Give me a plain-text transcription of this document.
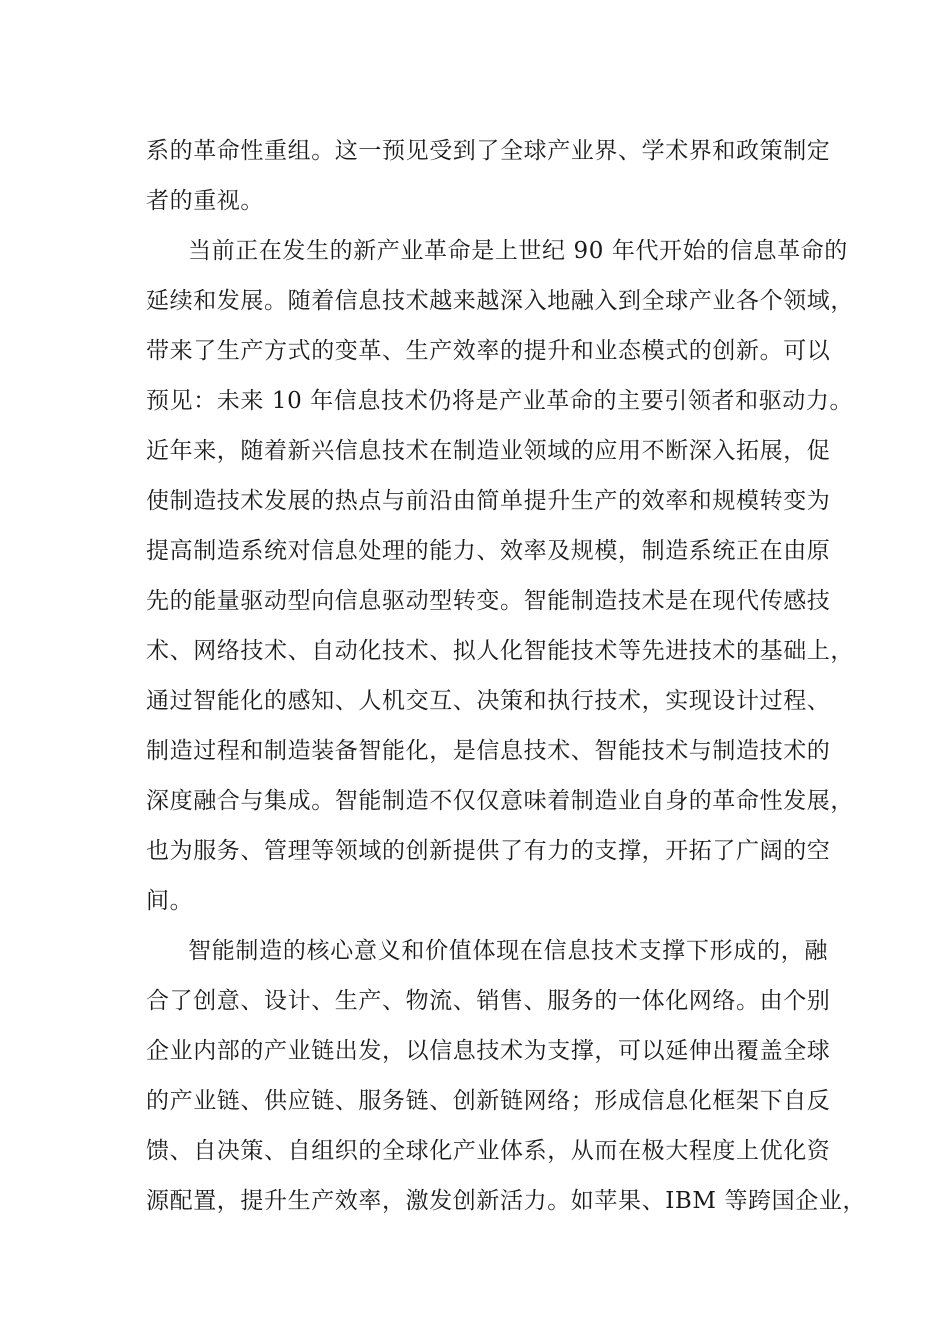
系的革命性重组。这一预见受到了全球产业界、学术界和政策制定
者的重视。
当前正在发生的新产业革命是上世纪 90 年代开始的信息革命的
延续和发展。随着信息技术越来越深入地融入到全球产业各个领域，
带来了生产方式的变革、生产效率的提升和业态模式的创新。可以
预见：未来 10 年信息技术仍将是产业革命的主要引领者和驱动力。
近年来，随着新兴信息技术在制造业领域的应用不断深入拓展，促
使制造技术发展的热点与前沿由简单提升生产的效率和规模转变为
提高制造系统对信息处理的能力、效率及规模，制造系统正在由原
先的能量驱动型向信息驱动型转变。智能制造技术是在现代传感技
术、网络技术、自动化技术、拟人化智能技术等先进技术的基础上，
通过智能化的感知、人机交互、决策和执行技术，实现设计过程、
制造过程和制造装备智能化，是信息技术、智能技术与制造技术的
深度融合与集成。智能制造不仅仅意味着制造业自身的革命性发展，
也为服务、管理等领域的创新提供了有力的支撑，开拓了广阔的空
间。
智能制造的核心意义和价值体现在信息技术支撑下形成的，融
合了创意、设计、生产、物流、销售、服务的一体化网络。由个别
企业内部的产业链出发，以信息技术为支撑，可以延伸出覆盖全球
的产业链、供应链、服务链、创新链网络；形成信息化框架下自反
馈、自决策、自组织的全球化产业体系，从而在极大程度上优化资
源配置，提升生产效率，激发创新活力。如苹果、IBM 等跨国企业，
